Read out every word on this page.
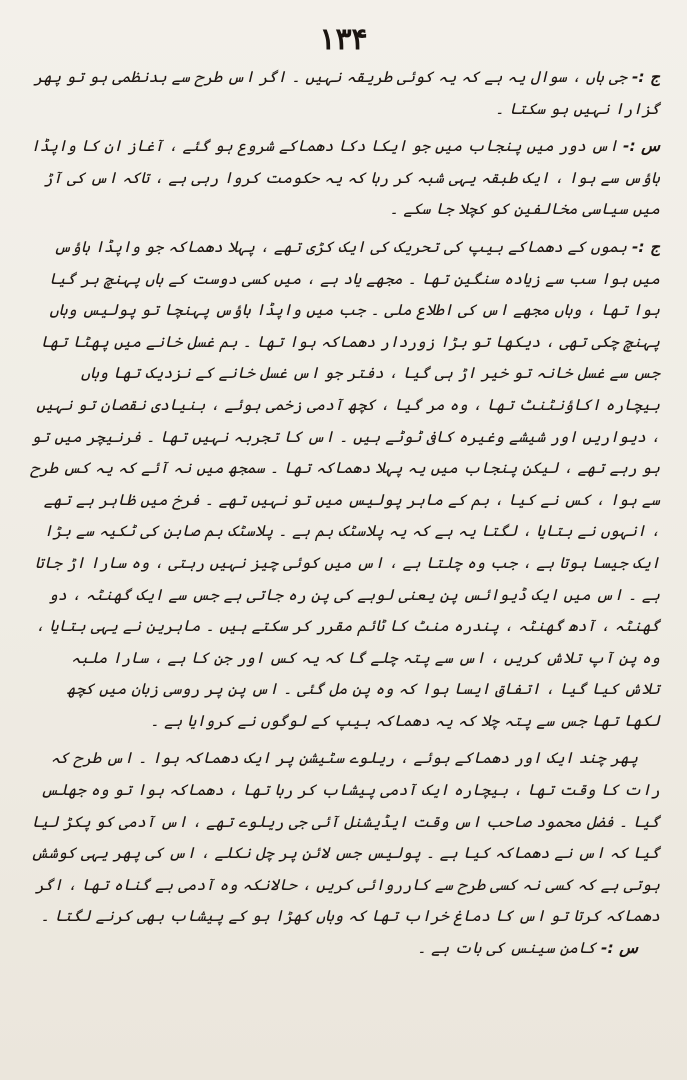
۱۳۴

ج :- جی ہاں ، سوال یہ ہے کہ یہ کوئی طریقہ نہیں ۔ اگر اس طرح سے بدنظمی ہو تو پھر گزارا نہیں ہو سکتا ۔

س :- اس دور میں پنجاب میں جو ایکا دکا دھماکے شروع ہو گئے ، آغاز ان کا واپڈا ہاؤس سے ہوا ، ایک طبقہ یہی شبہ کر رہا کہ یہ حکومت کروا رہی ہے ، تاکہ اس کی آڑ میں سیاسی مخالفین کو کچلا جا سکے ۔

ج :- بموں کے دھماکے بیپ کی تحریک کی ایک کڑی تھے ، پہلا دھماکہ جو واپڈا ہاؤس میں ہوا سب سے زیادہ سنگین تھا ۔ مجھے یاد ہے ، میں کسی دوست کے ہاں پہنچ ہر گیا ہوا تھا ، وہاں مجھے اس کی اطلاع ملی ۔ جب میں واپڈا ہاؤس پہنچا تو پولیس وہاں پہنچ چکی تھی ، دیکھا تو بڑا زوردار دھماکہ ہوا تھا ۔ بم غسل خانے میں پھٹا تھا جس سے غسل خانہ تو خیر اڑ ہی گیا ، دفتر جو اس غسل خانے کے نزدیک تھا وہاں بیچارہ اکاؤنٹنٹ تھا ، وہ مر گیا ، کچھ آدمی زخمی ہوئے ، بنیادی نقصان تو نہیں ، دیواریں اور شیشے وغیرہ کافی ٹوٹے ہیں ۔ اس کا تجربہ نہیں تھا ۔ فرنیچر میں تو ہو رہے تھے ، لیکن پنجاب میں یہ پہلا دھماکہ تھا ۔ سمجھ میں نہ آئے کہ یہ کس طرح سے ہوا ، کس نے کیا ، بم کے ماہر پولیس میں تو نہیں تھے ۔ فرخ میں ظاہر ہے تھے ، انہوں نے بتایا ، لگتا یہ ہے کہ یہ پلاسٹک بم ہے ۔ پلاسٹک بم صابن کی ٹکیہ سے بڑا ایک جیسا ہوتا ہے ، جب وہ چلتا ہے ، اس میں کوئی چیز نہیں رہتی ، وہ سارا اڑ جاتا ہے ۔ اس میں ایک ڈیوائس پن یعنی لوہے کی پن رہ جاتی ہے جس سے ایک گھنٹہ ، دو گھنٹہ ، آدھ گھنٹہ ، پندرہ منٹ کا ٹائم مقرر کر سکتے ہیں ۔ ماہرین نے یہی بتایا ، وہ پن آپ تلاش کریں ، اس سے پتہ چلے گا کہ یہ کس اور جن کا ہے ، سارا ملبہ تلاش کیا گیا ، اتفاق ایسا ہوا کہ وہ پن مل گئی ۔ اس پن پر روسی زبان میں کچھ لکھا تھا جس سے پتہ چلا کہ یہ دھماکہ بیپ کے لوگوں نے کروایا ہے ۔

پھر چند ایک اور دھماکے ہوئے ، ریلوے سٹیشن پر ایک دھماکہ ہوا ۔ اس طرح کہ رات کا وقت تھا ، بیچارہ ایک آدمی پیشاب کر رہا تھا ، دھماکہ ہوا تو وہ جھلس گیا ۔ فضل محمود صاحب اس وقت ایڈیشنل آئی جی ریلوے تھے ، اس آدمی کو پکڑ لیا گیا کہ اس نے دھماکہ کیا ہے ۔ پولیس جس لائن پر چل نکلے ، اس کی پھر یہی کوشش ہوتی ہے کہ کسی نہ کسی طرح سے کارروائی کریں ، حالانکہ وہ آدمی بے گناہ تھا ، اگر دھماکہ کرتا تو اس کا دماغ خراب تھا کہ وہاں کھڑا ہو کے پیشاب بھی کرنے لگتا ۔

س :- کامن سینس کی بات ہے ۔
